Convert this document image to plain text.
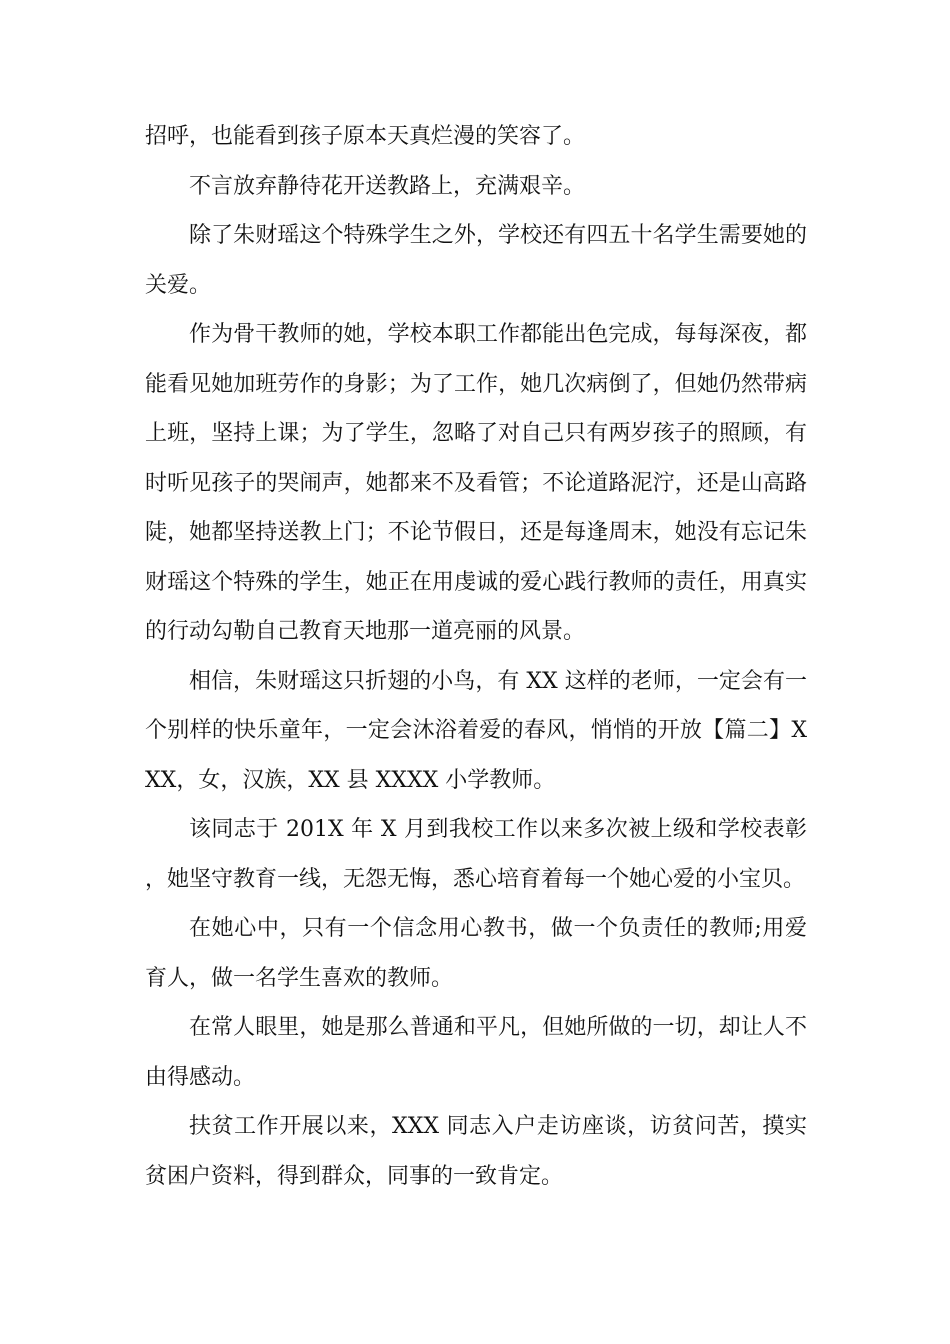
招呼，也能看到孩子原本天真烂漫的笑容了。

不言放弃静待花开送教路上，充满艰辛。

除了朱财瑶这个特殊学生之外，学校还有四五十名学生需要她的关爱。

作为骨干教师的她，学校本职工作都能出色完成，每每深夜，都能看见她加班劳作的身影；为了工作，她几次病倒了，但她仍然带病上班，坚持上课；为了学生，忽略了对自己只有两岁孩子的照顾，有时听见孩子的哭闹声，她都来不及看管；不论道路泥泞，还是山高路陡，她都坚持送教上门；不论节假日，还是每逢周末，她没有忘记朱财瑶这个特殊的学生，她正在用虔诚的爱心践行教师的责任，用真实的行动勾勒自己教育天地那一道亮丽的风景。

相信，朱财瑶这只折翅的小鸟，有 XX 这样的老师，一定会有一个别样的快乐童年，一定会沐浴着爱的春风，悄悄的开放【篇二】XXX，女，汉族，XX 县 XXXX 小学教师。

该同志于 201X 年 X 月到我校工作以来多次被上级和学校表彰，她坚守教育一线，无怨无悔，悉心培育着每一个她心爱的小宝贝。

在她心中，只有一个信念用心教书，做一个负责任的教师;用爱育人，做一名学生喜欢的教师。

在常人眼里，她是那么普通和平凡，但她所做的一切，却让人不由得感动。

扶贫工作开展以来，XXX 同志入户走访座谈，访贫问苦，摸实贫困户资料，得到群众，同事的一致肯定。
